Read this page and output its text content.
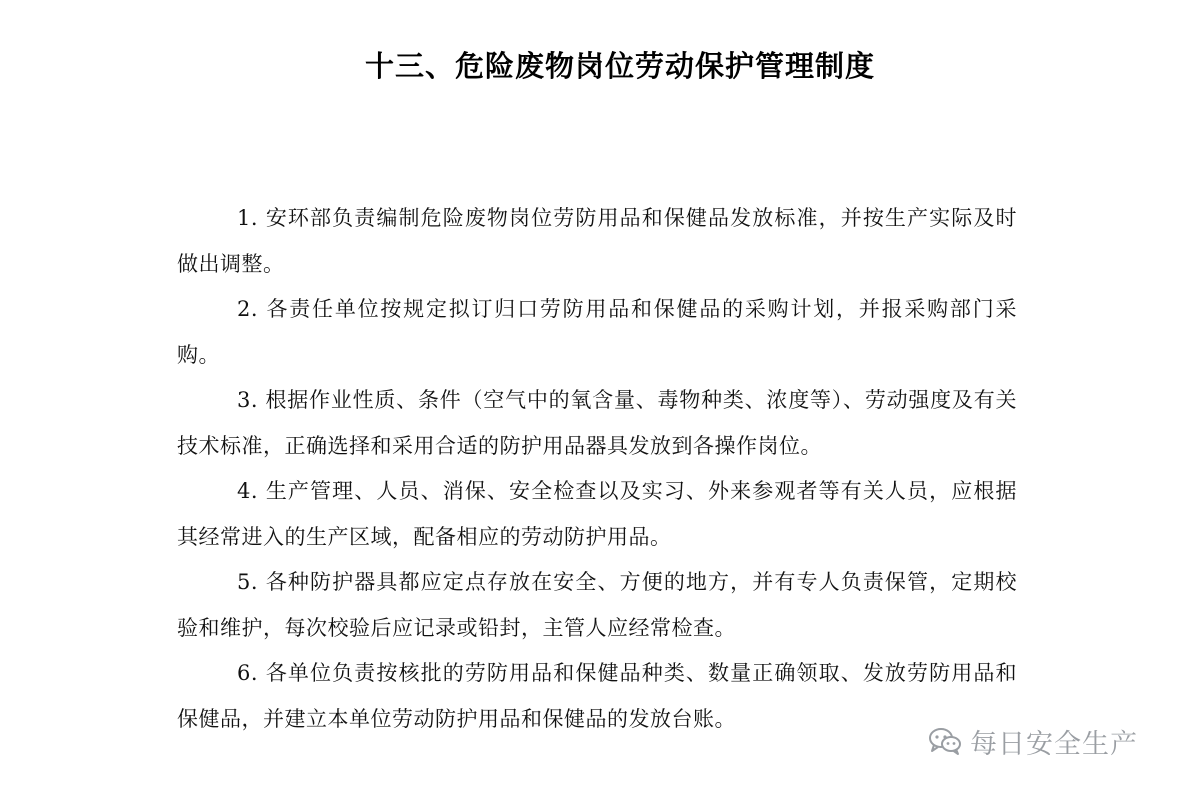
十三、危险废物岗位劳动保护管理制度

1. 安环部负责编制危险废物岗位劳防用品和保健品发放标准，并按生产实际及时做出调整。

2. 各责任单位按规定拟订归口劳防用品和保健品的采购计划，并报采购部门采购。

3. 根据作业性质、条件（空气中的氧含量、毒物种类、浓度等）、劳动强度及有关技术标准，正确选择和采用合适的防护用品器具发放到各操作岗位。

4. 生产管理、人员、消保、安全检查以及实习、外来参观者等有关人员，应根据其经常进入的生产区域，配备相应的劳动防护用品。

5. 各种防护器具都应定点存放在安全、方便的地方，并有专人负责保管，定期校验和维护，每次校验后应记录或铅封，主管人应经常检查。

6. 各单位负责按核批的劳防用品和保健品种类、数量正确领取、发放劳防用品和保健品，并建立本单位劳动防护用品和保健品的发放台账。

每日安全生产
